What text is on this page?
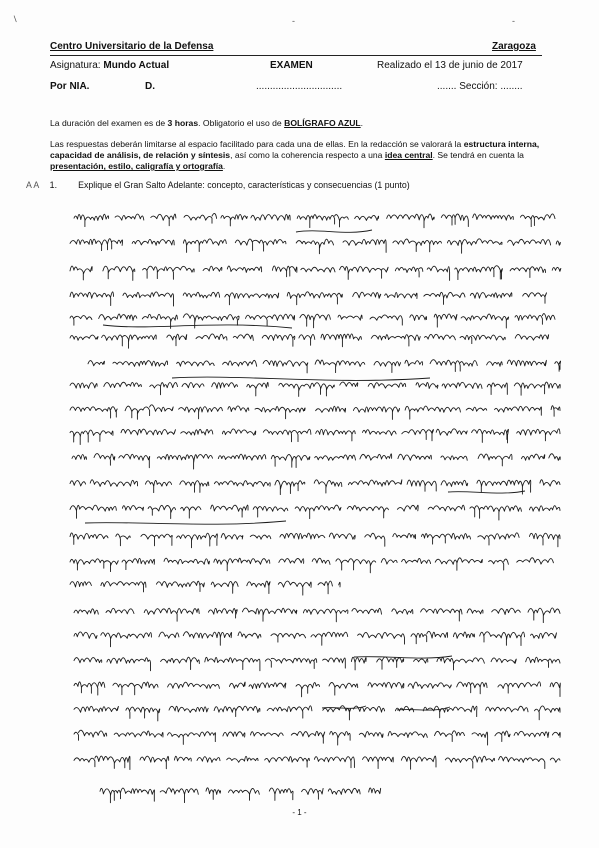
/	-	-
Centro Universitario de la Defensa	Zaragoza
Asignatura: Mundo Actual	EXAMEN	Realizado el 13 de junio de 2017
Por NIA.	D.	...............................	....... Sección: ........
La duración del examen es de 3 horas. Obligatorio el uso de BOLÍGRAFO AZUL.
Las respuestas deberán limitarse al espacio facilitado para cada una de ellas. En la redacción se valorará la estructura interna, capacidad de análisis, de relación y síntesis, así como la coherencia respecto a una idea central. Se tendrá en cuenta la presentación, estilo, caligrafía y ortografía.
A A 1. Explique el Gran Salto Adelante: concepto, características y consecuencias (1 punto)
- 1 -
